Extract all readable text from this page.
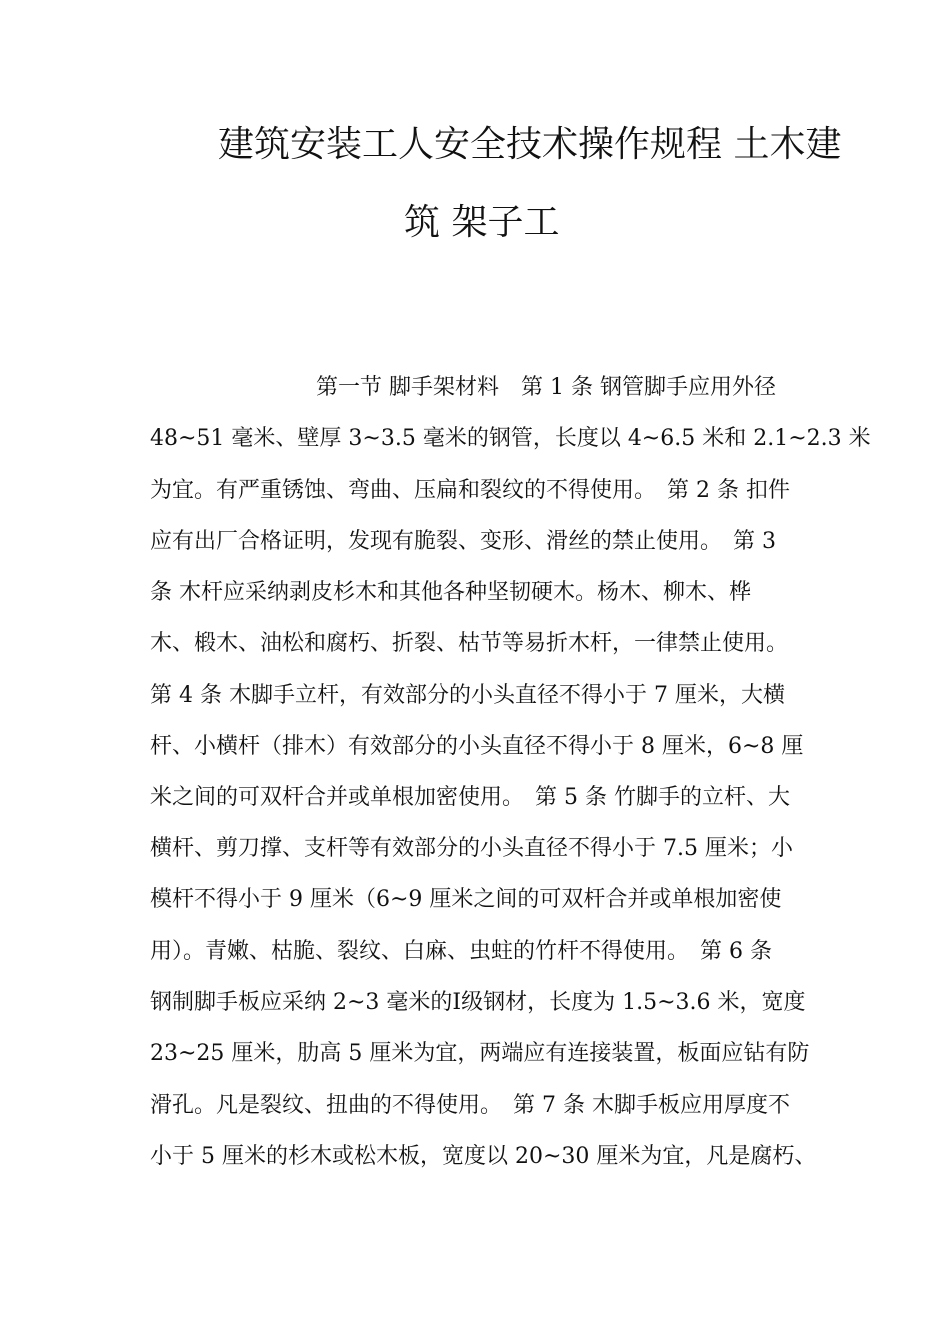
建筑安装工人安全技术操作规程 土木建
筑 架子工
第一节 脚手架材料　第 1 条 钢管脚手应用外径
48~51 毫米、壁厚 3~3.5 毫米的钢管，长度以 4~6.5 米和 2.1~2.3 米
为宜。有严重锈蚀、弯曲、压扁和裂纹的不得使用。　第 2 条 扣件
应有出厂合格证明，发现有脆裂、变形、滑丝的禁止使用。　第 3
条 木杆应采纳剥皮杉木和其他各种坚韧硬木。杨木、柳木、桦
木、椴木、油松和腐朽、折裂、枯节等易折木杆，一律禁止使用。
第 4 条 木脚手立杆，有效部分的小头直径不得小于 7 厘米，大横
杆、小横杆（排木）有效部分的小头直径不得小于 8 厘米，6~8 厘
米之间的可双杆合并或单根加密使用。　第 5 条 竹脚手的立杆、大
横杆、剪刀撑、支杆等有效部分的小头直径不得小于 7.5 厘米；小
模杆不得小于 9 厘米（6~9 厘米之间的可双杆合并或单根加密使
用）。青嫩、枯脆、裂纹、白麻、虫蛀的竹杆不得使用。　第 6 条
钢制脚手板应采纳 2~3 毫米的Ⅰ级钢材，长度为 1.5~3.6 米，宽度
23~25 厘米，肋高 5 厘米为宜，两端应有连接装置，板面应钻有防
滑孔。凡是裂纹、扭曲的不得使用。　第 7 条 木脚手板应用厚度不
小于 5 厘米的杉木或松木板，宽度以 20~30 厘米为宜，凡是腐朽、
